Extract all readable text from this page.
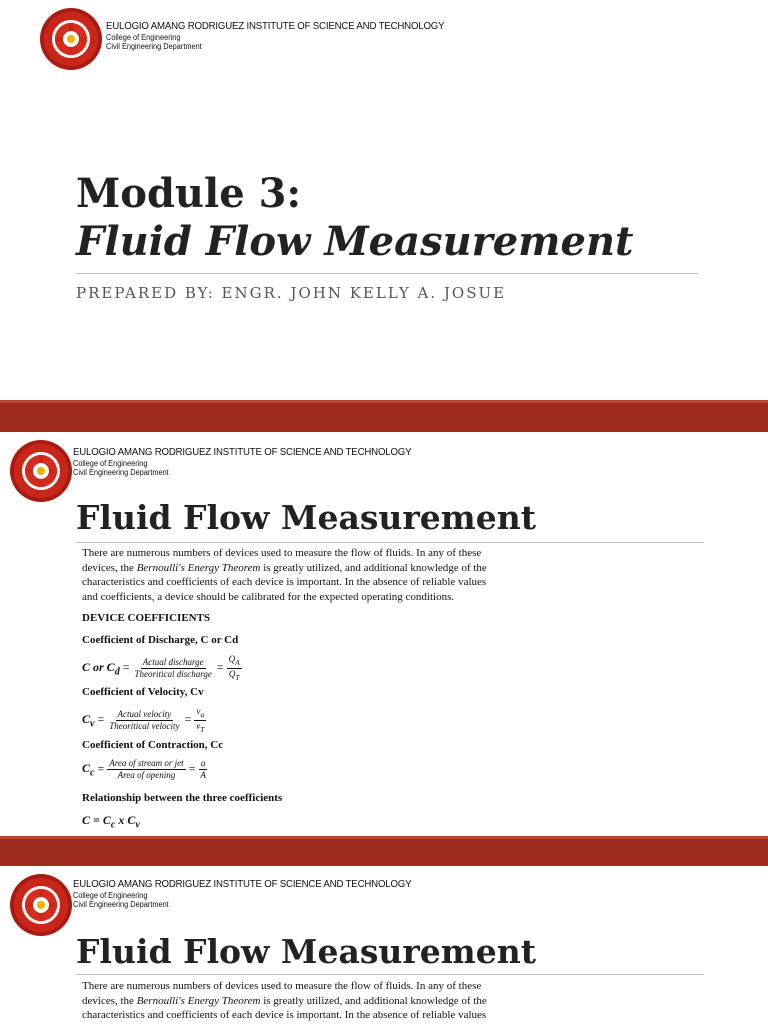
EULOGIO AMANG RODRIGUEZ INSTITUTE OF SCIENCE AND TECHNOLOGY
College of Engineering
Civil Engineering Department
Module 3:
Fluid Flow Measurement
PREPARED BY: ENGR. JOHN KELLY A. JOSUE
EULOGIO AMANG RODRIGUEZ INSTITUTE OF SCIENCE AND TECHNOLOGY
College of Engineering
Civil Engineering Department
Fluid Flow Measurement
There are numerous numbers of devices used to measure the flow of fluids. In any of these
devices, the Bernoulli's Energy Theorem is greatly utilized, and additional knowledge of the
characteristics and coefficients of each device is important. In the absence of reliable values
and coefficients, a device should be calibrated for the expected operating conditions.
DEVICE COEFFICIENTS
Coefficient of Discharge, C or Cd
C or $C_d = \frac{\text{Actual discharge}}{\text{Theoritical discharge}} = \frac{Q_A}{Q_T}$
Coefficient of Velocity, Cv
$C_v = \frac{\text{Actual velocity}}{\text{Theoritical velocity}} = \frac{v_a}{v_T}$
Coefficient of Contraction, Cc
$C_c = \frac{\text{Area of stream or jet}}{\text{Area of opening}} = \frac{a}{A}$
Relationship between the three coefficients
$C = C_c$ x $C_v$
EULOGIO AMANG RODRIGUEZ INSTITUTE OF SCIENCE AND TECHNOLOGY
College of Engineering
Civil Engineering Department
Fluid Flow Measurement
There are numerous numbers of devices used to measure the flow of fluids. In any of these
devices, the Bernoulli's Energy Theorem is greatly utilized, and additional knowledge of the
characteristics and coefficients of each device is important. In the absence of reliable values
